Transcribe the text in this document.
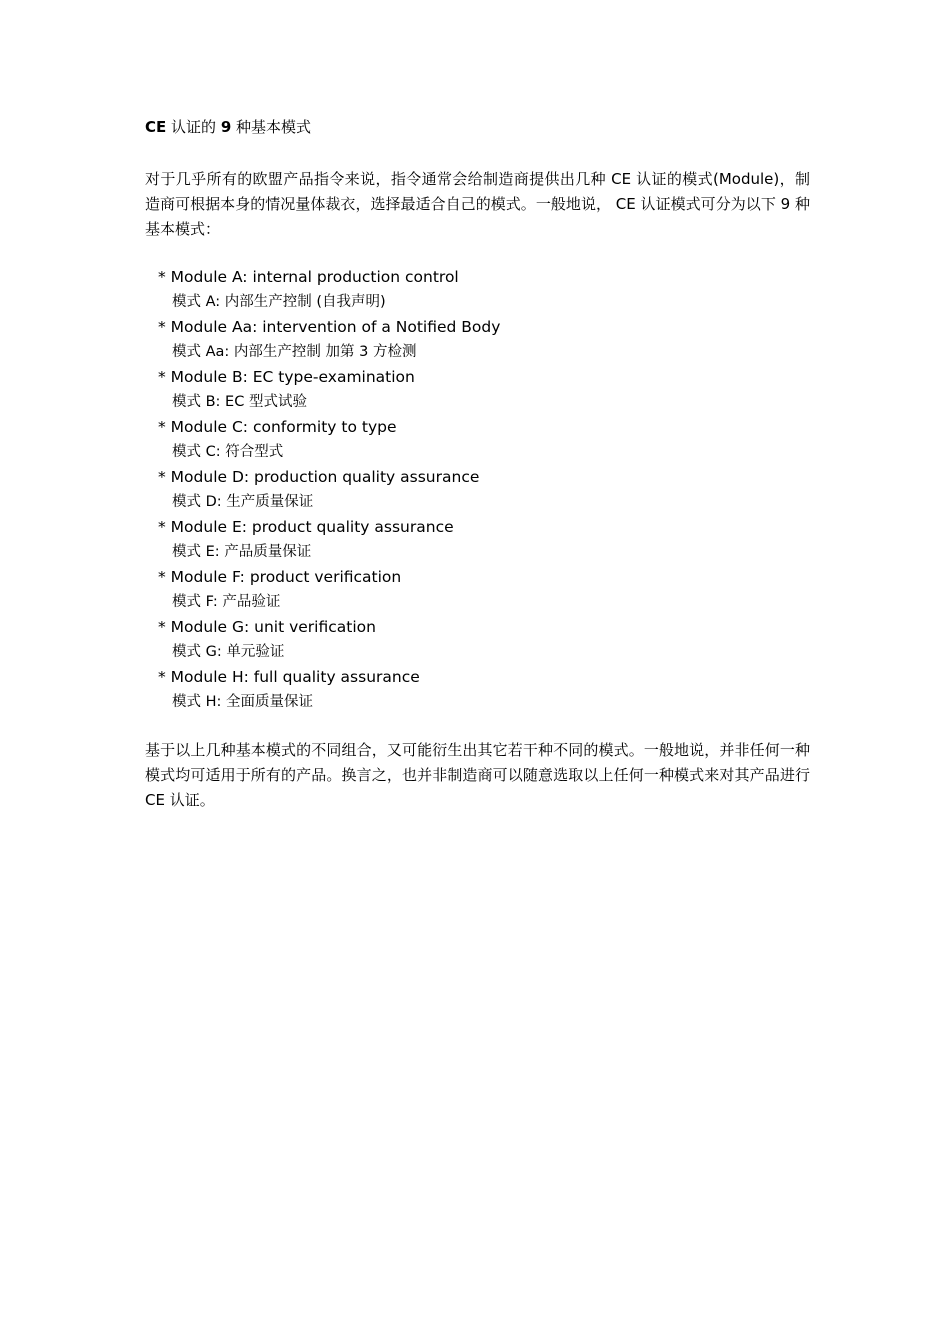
CE 认证的 9 种基本模式
对于几乎所有的欧盟产品指令来说，指令通常会给制造商提供出几种 CE 认证的模式(Module)，制造商可根据本身的情况量体裁衣，选择最适合自己的模式。一般地说， CE 认证模式可分为以下 9 种基本模式：
* Module A: internal production control
模式 A: 内部生产控制 (自我声明)
* Module Aa: intervention of a Notified Body
模式 Aa: 内部生产控制 加第 3 方检测
* Module B: EC type-examination
模式 B: EC 型式试验
* Module C: conformity to type
模式 C: 符合型式
* Module D: production quality assurance
模式 D: 生产质量保证
* Module E: product quality assurance
模式 E: 产品质量保证
* Module F: product verification
模式 F: 产品验证
* Module G: unit verification
模式 G: 单元验证
* Module H: full quality assurance
模式 H: 全面质量保证
基于以上几种基本模式的不同组合，又可能衍生出其它若干种不同的模式。一般地说，并非任何一种模式均可适用于所有的产品。换言之，也并非制造商可以随意选取以上任何一种模式来对其产品进行 CE 认证。
